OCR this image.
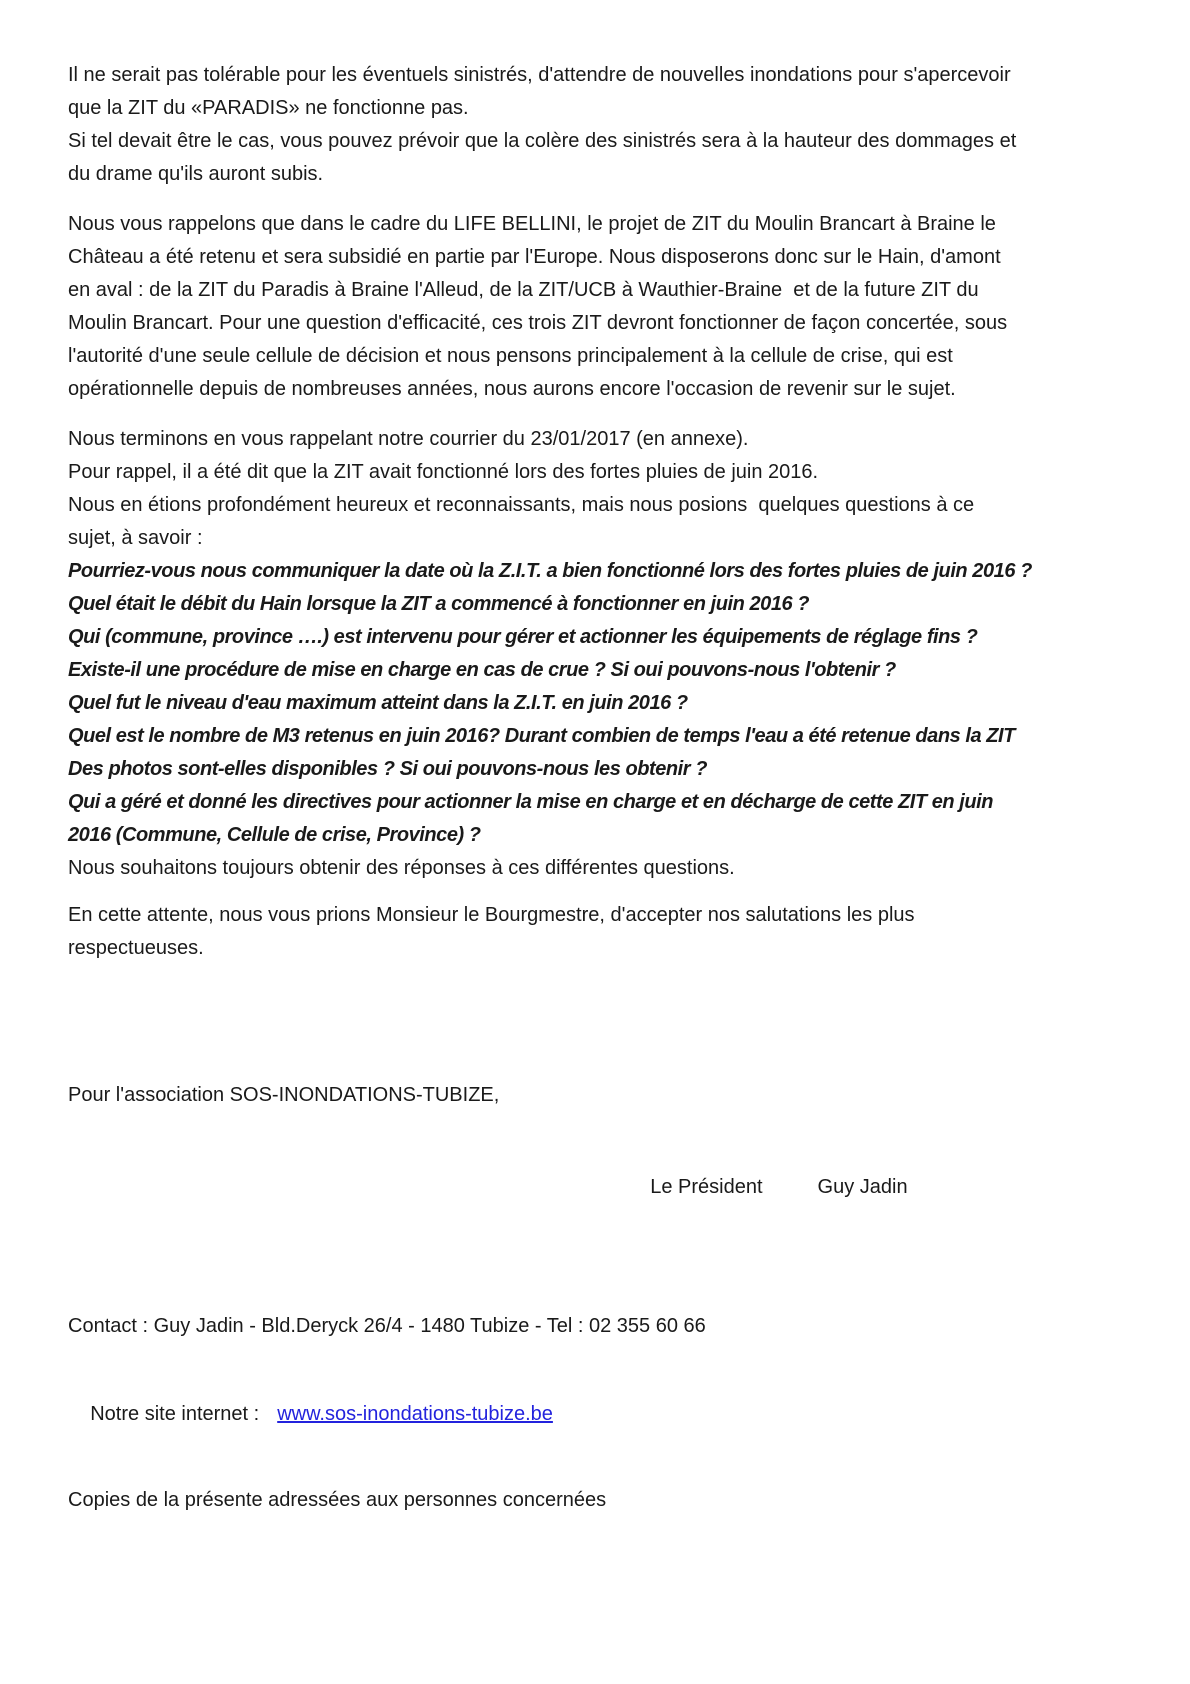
Il ne serait pas tolérable pour les éventuels sinistrés, d'attendre de nouvelles inondations pour s'apercevoir
que la ZIT du «PARADIS» ne fonctionne pas.
Si tel devait être le cas, vous pouvez prévoir que la colère des sinistrés sera à la hauteur des dommages et
du drame qu'ils auront subis.
Nous vous rappelons que dans le cadre du LIFE BELLINI, le projet de ZIT du Moulin Brancart à Braine le
Château a été retenu et sera subsidié en partie par l'Europe. Nous disposerons donc sur le Hain, d'amont
en aval : de la ZIT du Paradis à Braine l'Alleud, de la ZIT/UCB à Wauthier-Braine  et de la future ZIT du
Moulin Brancart. Pour une question d'efficacité, ces trois ZIT devront fonctionner de façon concertée, sous
l'autorité d'une seule cellule de décision et nous pensons principalement à la cellule de crise, qui est
opérationnelle depuis de nombreuses années, nous aurons encore l'occasion de revenir sur le sujet.
Nous terminons en vous rappelant notre courrier du 23/01/2017 (en annexe).
Pour rappel, il a été dit que la ZIT avait fonctionné lors des fortes pluies de juin 2016.
Nous en étions profondément heureux et reconnaissants, mais nous posions  quelques questions à ce
sujet, à savoir :
Pourriez-vous nous communiquer la date où la Z.I.T. a bien fonctionné lors des fortes pluies de juin 2016 ?
Quel était le débit du Hain lorsque la ZIT a commencé à fonctionner en juin 2016 ?
Qui (commune, province ….) est intervenu pour gérer et actionner les équipements de réglage fins ?
Existe-il une procédure de mise en charge en cas de crue ? Si oui pouvons-nous l'obtenir ?
Quel fut le niveau d'eau maximum atteint dans la Z.I.T. en juin 2016 ?
Quel est le nombre de M3 retenus en juin 2016? Durant combien de temps l'eau a été retenue dans la ZIT
Des photos sont-elles disponibles ? Si oui pouvons-nous les obtenir ?
Qui a géré et donné les directives pour actionner la mise en charge et en décharge de cette ZIT en juin
2016 (Commune, Cellule de crise, Province) ?
Nous souhaitons toujours obtenir des réponses à ces différentes questions.
En cette attente, nous vous prions Monsieur le Bourgmestre, d'accepter nos salutations les plus
respectueuses.
Pour l'association SOS-INONDATIONS-TUBIZE,

Le Président	Guy Jadin

Contact : Guy Jadin - Bld.Deryck 26/4 - 1480 Tubize - Tel : 02 355 60 66

Notre site internet : www.sos-inondations-tubize.be

Copies de la présente adressées aux personnes concernées
